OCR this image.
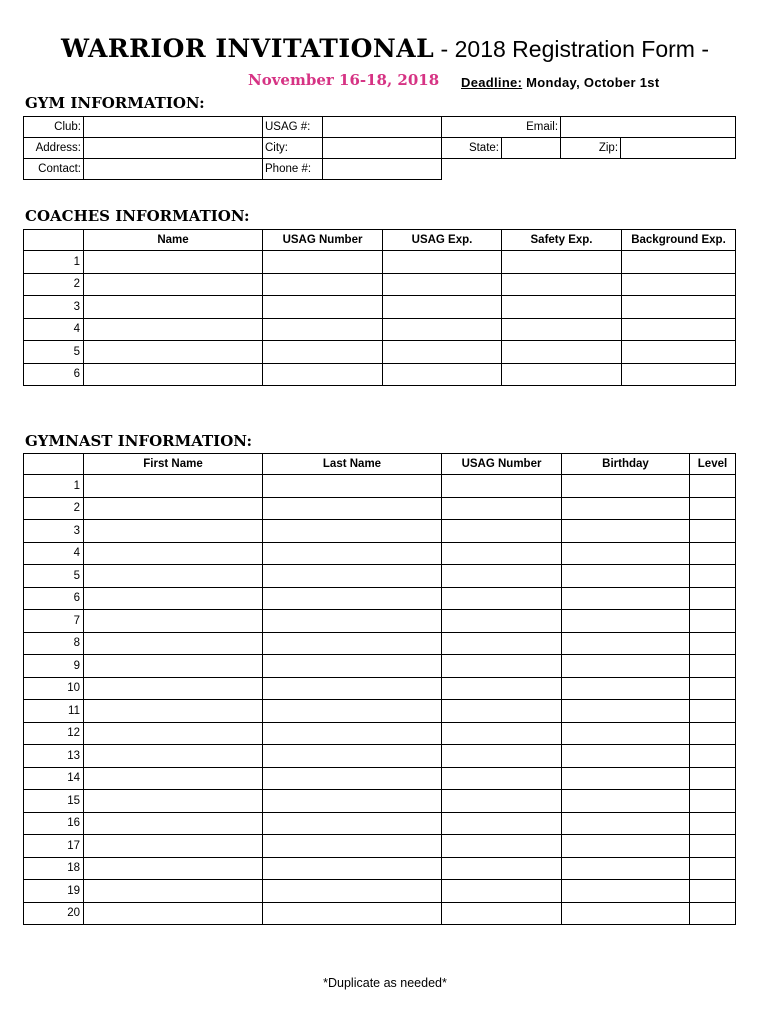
WARRIOR INVITATIONAL - 2018 Registration Form -
November 16-18, 2018 Deadline: Monday, October 1st
GYM INFORMATION:
Club:		USAG #:		Email:			
Address:		City:		State:		Zip:	
Contact:		Phone #:					
COACHES INFORMATION:
	Name	USAG Number	USAG Exp.	Safety Exp.	Background Exp.
1					
2					
3					
4					
5					
6					
GYMNAST INFORMATION:
	First Name	Last Name	USAG Number	Birthday	Level
1					
2					
3					
4					
5					
6					
7					
8					
9					
10					
11					
12					
13					
14					
15					
16					
17					
18					
19					
20					
*Duplicate as needed*
